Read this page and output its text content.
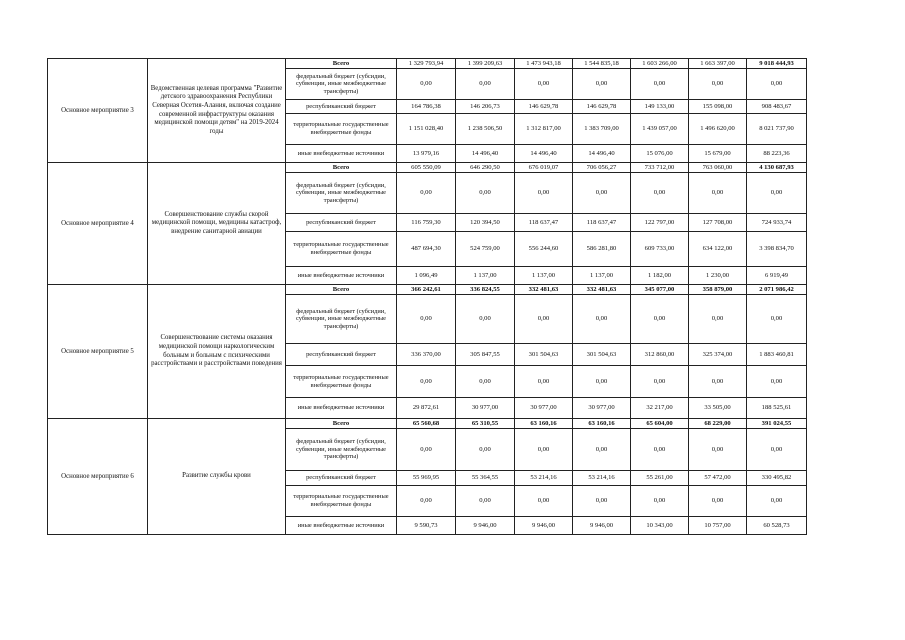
Основное мероприятие 3	Ведомственная целевая программа "Развитие детского здравоохранения Республики Северная Осетия-Алания, включая создание современной инфраструктуры оказания медицинской помощи детям" на 2019-2024 годы	Всего	1 329 793,94	1 399 209,63	1 473 943,18	1 544 835,18	1 603 266,00	1 663 397,00	9 018 444,93
		федеральный бюджет (субсидии, субвенции, иные межбюджетные трансферты)	0,00	0,00	0,00	0,00	0,00	0,00	0,00
		республиканский бюджет	164 786,38	146 206,73	146 629,78	146 629,78	149 133,00	155 098,00	908 483,67
		территориальные государственные внебюджетные фонды	1 151 028,40	1 238 506,50	1 312 817,00	1 383 709,00	1 439 057,00	1 496 620,00	8 021 737,90
		иные внебюджетные источники	13 979,16	14 496,40	14 496,40	14 496,40	15 076,00	15 679,00	88 223,36
Основное мероприятие 4	Совершенствование службы скорой медицинской помощи, медицины катастроф, внедрение санитарной авиации	Всего	605 550,09	646 290,50	676 019,07	706 056,27	733 712,00	763 060,00	4 130 687,93
		федеральный бюджет (субсидии, субвенции, иные межбюджетные трансферты)	0,00	0,00	0,00	0,00	0,00	0,00	0,00
		республиканский бюджет	116 759,30	120 394,50	118 637,47	118 637,47	122 797,00	127 708,00	724 933,74
		территориальные государственные внебюджетные фонды	487 694,30	524 759,00	556 244,60	586 281,80	609 733,00	634 122,00	3 398 834,70
		иные внебюджетные источники	1 096,49	1 137,00	1 137,00	1 137,00	1 182,00	1 230,00	6 919,49
Основное мероприятие 5	Совершенствование системы оказания медицинской помощи наркологическим больным и больным с психическими расстройствами и расстройствами поведения	Всего	366 242,61	336 824,55	332 481,63	332 481,63	345 077,00	358 879,00	2 071 986,42
		федеральный бюджет (субсидии, субвенции, иные межбюджетные трансферты)	0,00	0,00	0,00	0,00	0,00	0,00	0,00
		республиканский бюджет	336 370,00	305 847,55	301 504,63	301 504,63	312 860,00	325 374,00	1 883 460,81
		территориальные государственные внебюджетные фонды	0,00	0,00	0,00	0,00	0,00	0,00	0,00
		иные внебюджетные источники	29 872,61	30 977,00	30 977,00	30 977,00	32 217,00	33 505,00	188 525,61
Основное мероприятие 6	Развитие службы крови	Всего	65 560,68	65 310,55	63 160,16	63 160,16	65 604,00	68 229,00	391 024,55
		федеральный бюджет (субсидии, субвенции, иные межбюджетные трансферты)	0,00	0,00	0,00	0,00	0,00	0,00	0,00
		республиканский бюджет	55 969,95	55 364,55	53 214,16	53 214,16	55 261,00	57 472,00	330 495,82
		территориальные государственные внебюджетные фонды	0,00	0,00	0,00	0,00	0,00	0,00	0,00
		иные внебюджетные источники	9 590,73	9 946,00	9 946,00	9 946,00	10 343,00	10 757,00	60 528,73
